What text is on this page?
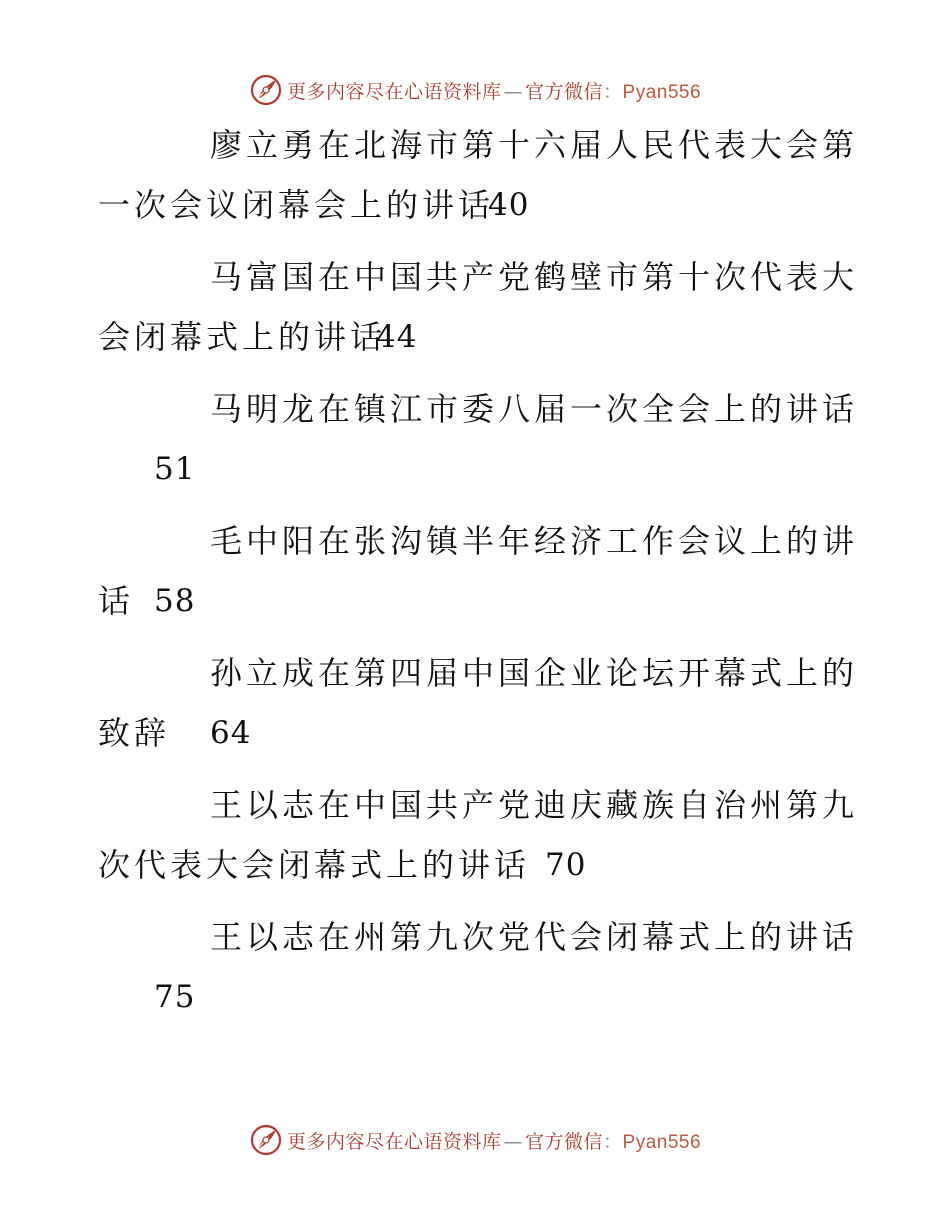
更多内容尽在心语资料库 — 官方微信：Pyan556
廖立勇在北海市第十六届人民代表大会第
一次会议闭幕会上的讲话
40
马富国在中国共产党鹤壁市第十次代表大
会闭幕式上的讲话
44
马明龙在镇江市委八届一次全会上的讲话
51
毛中阳在张沟镇半年经济工作会议上的讲
话 58
孙立成在第四届中国企业论坛开幕式上的
致辞 64
王以志在中国共产党迪庆藏族自治州第九
次代表大会闭幕式上的讲话 70
王以志在州第九次党代会闭幕式上的讲话
75
更多内容尽在心语资料库 — 官方微信：Pyan556
